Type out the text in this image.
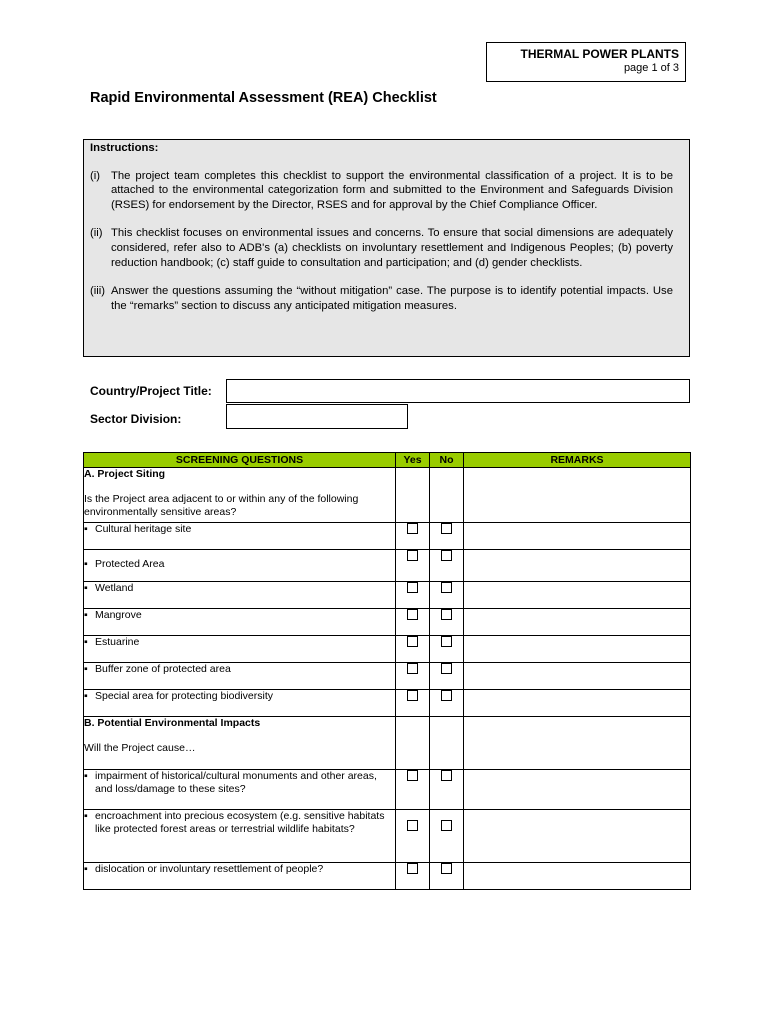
THERMAL POWER PLANTS
page 1 of 3
Rapid Environmental Assessment (REA) Checklist
Instructions:
(i) The project team completes this checklist to support the environmental classification of a project. It is to be attached to the environmental categorization form and submitted to the Environment and Safeguards Division (RSES) for endorsement by the Director, RSES and for approval by the Chief Compliance Officer.
(ii) This checklist focuses on environmental issues and concerns. To ensure that social dimensions are adequately considered, refer also to ADB's (a) checklists on involuntary resettlement and Indigenous Peoples; (b) poverty reduction handbook; (c) staff guide to consultation and participation; and (d) gender checklists.
(iii) Answer the questions assuming the “without mitigation” case. The purpose is to identify potential impacts. Use the “remarks” section to discuss any anticipated mitigation measures.
Country/Project Title:
Sector Division:
SCREENING QUESTIONS	Yes	No	REMARKS

A. Project Siting
Is the Project area adjacent to or within any of the following environmentally sensitive areas?			

▪ Cultural heritage site			

▪ Protected Area			

▪ Wetland			

▪ Mangrove			

▪ Estuarine			

▪ Buffer zone of protected area			

▪ Special area for protecting biodiversity			

B. Potential Environmental Impacts
Will the Project cause…			

▪ impairment of historical/cultural monuments and other areas, and loss/damage to these sites?			

▪ encroachment into precious ecosystem (e.g. sensitive habitats like protected forest areas or terrestrial wildlife habitats?			

▪ dislocation or involuntary resettlement of people?			
